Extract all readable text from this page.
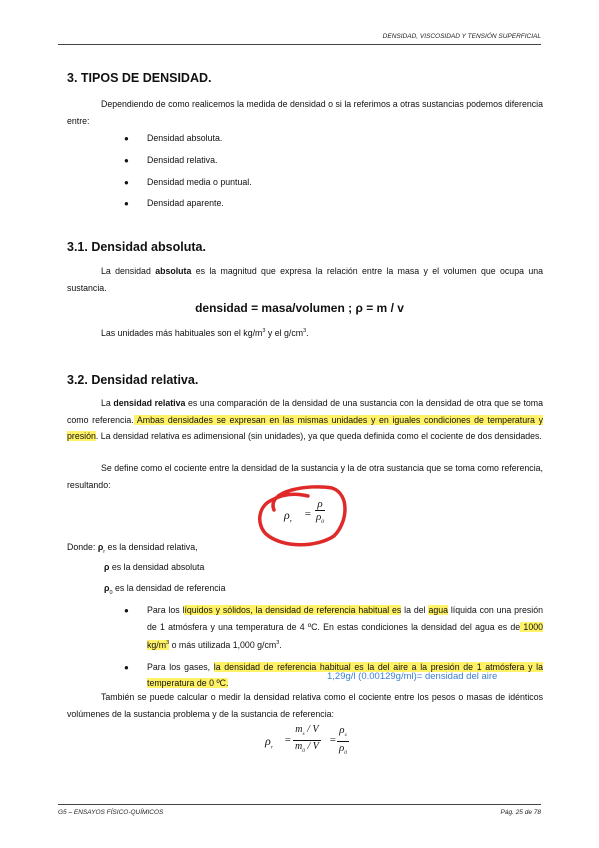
DENSIDAD, VISCOSIDAD Y TENSIÓN SUPERFICIAL
3. TIPOS DE DENSIDAD.

Dependiendo de como realicemos la medida de densidad o si la referimos a otras sustancias podemos diferencia entre:

● Densidad absoluta.
● Densidad relativa.
● Densidad media o puntual.
● Densidad aparente.
3.1. Densidad absoluta.

La densidad absoluta es la magnitud que expresa la relación entre la masa y el volumen que ocupa una sustancia.

densidad = masa/volumen ; ρ = m / v

Las unidades más habituales son el $kg/m^3$ y el $g/cm^3$.

3.2. Densidad relativa.

La densidad relativa es una comparación de la densidad de una sustancia con la densidad de otra que se toma como referencia. Ambas densidades se expresan en las mismas unidades y en iguales condiciones de temperatura y presión. La densidad relativa es adimensional (sin unidades), ya que queda definida como el cociente de dos densidades.

Se define como el cociente entre la densidad de la sustancia y la de otra sustancia que se toma como referencia, resultando:

$\rho_r$
= $\frac{\rho}{\rho_0}$
Donde: $\rho_r$ es la densidad relativa,
ρ es la densidad absoluta
$\rho_0$ es la densidad de referencia
● Para los líquidos y sólidos, la densidad de referencia habitual es la del agua líquida con una presión de 1 atmósfera y una temperatura de 4 ºC. En estas condiciones la densidad del agua es de 1000 $kg/m^3$ o más utilizada 1,000 $g/cm^3$.
● Para los gases, la densidad de referencia habitual es la del aire a la presión de 1 atmósfera y la temperatura de 0 ºC.
1,29g/l (0.00129g/ml)= densidad del aire

También se puede calcular o medir la densidad relativa como el cociente entre los pesos o masas de idénticos volúmenes de la sustancia problema y de la sustancia de referencia:

$\rho_r$
= $\frac{m_s / V}{m_0 / V} = \frac{\rho_s}{\rho_0}$
G5 – ENSAYOS FÍSICO-QUÍMICOS	Pág. 25 de 78
